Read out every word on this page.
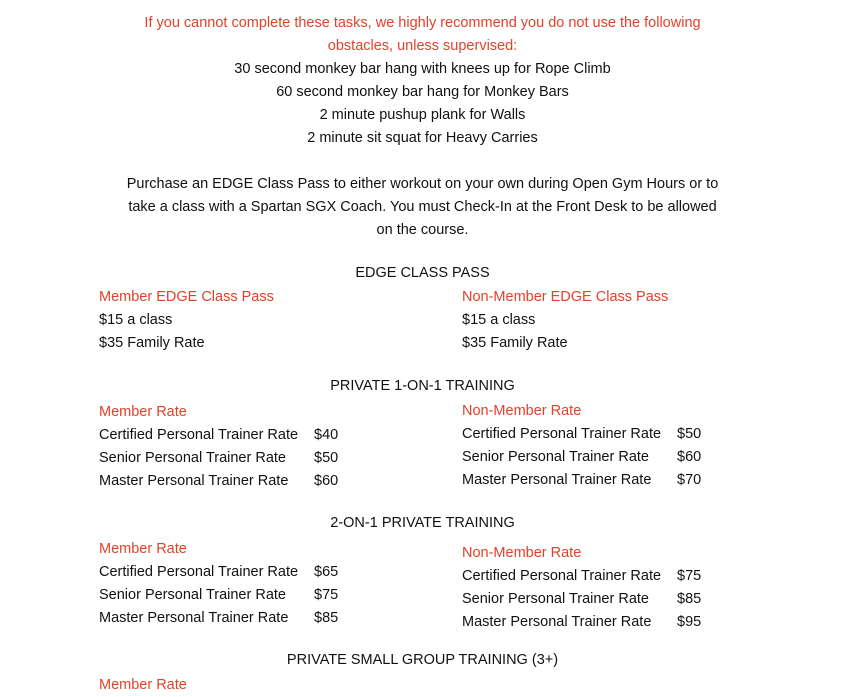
If you cannot complete these tasks, we highly recommend you do not use the following
obstacles, unless supervised:
30 second monkey bar hang with knees up for Rope Climb
60 second monkey bar hang for Monkey Bars
2 minute pushup plank for Walls
2 minute sit squat for Heavy Carries
Purchase an EDGE Class Pass to either workout on your own during Open Gym Hours or to
take a class with a Spartan SGX Coach. You must Check-In at the Front Desk to be allowed
on the course.
EDGE CLASS PASS
Member EDGE Class Pass
$15 a class
$35 Family Rate
Non-Member EDGE Class Pass
$15 a class
$35 Family Rate
PRIVATE 1-ON-1 TRAINING
Member Rate
Certified Personal Trainer Rate	$40
Senior Personal Trainer Rate	$50
Master Personal Trainer Rate	$60
Non-Member Rate
Certified Personal Trainer Rate	$50
Senior Personal Trainer Rate	$60
Master Personal Trainer Rate	$70
2-ON-1 PRIVATE TRAINING
Member Rate
Certified Personal Trainer Rate	$65
Senior Personal Trainer Rate	$75
Master Personal Trainer Rate	$85
Non-Member Rate
Certified Personal Trainer Rate	$75
Senior Personal Trainer Rate	$85
Master Personal Trainer Rate	$95
PRIVATE SMALL GROUP TRAINING (3+)
Member Rate
